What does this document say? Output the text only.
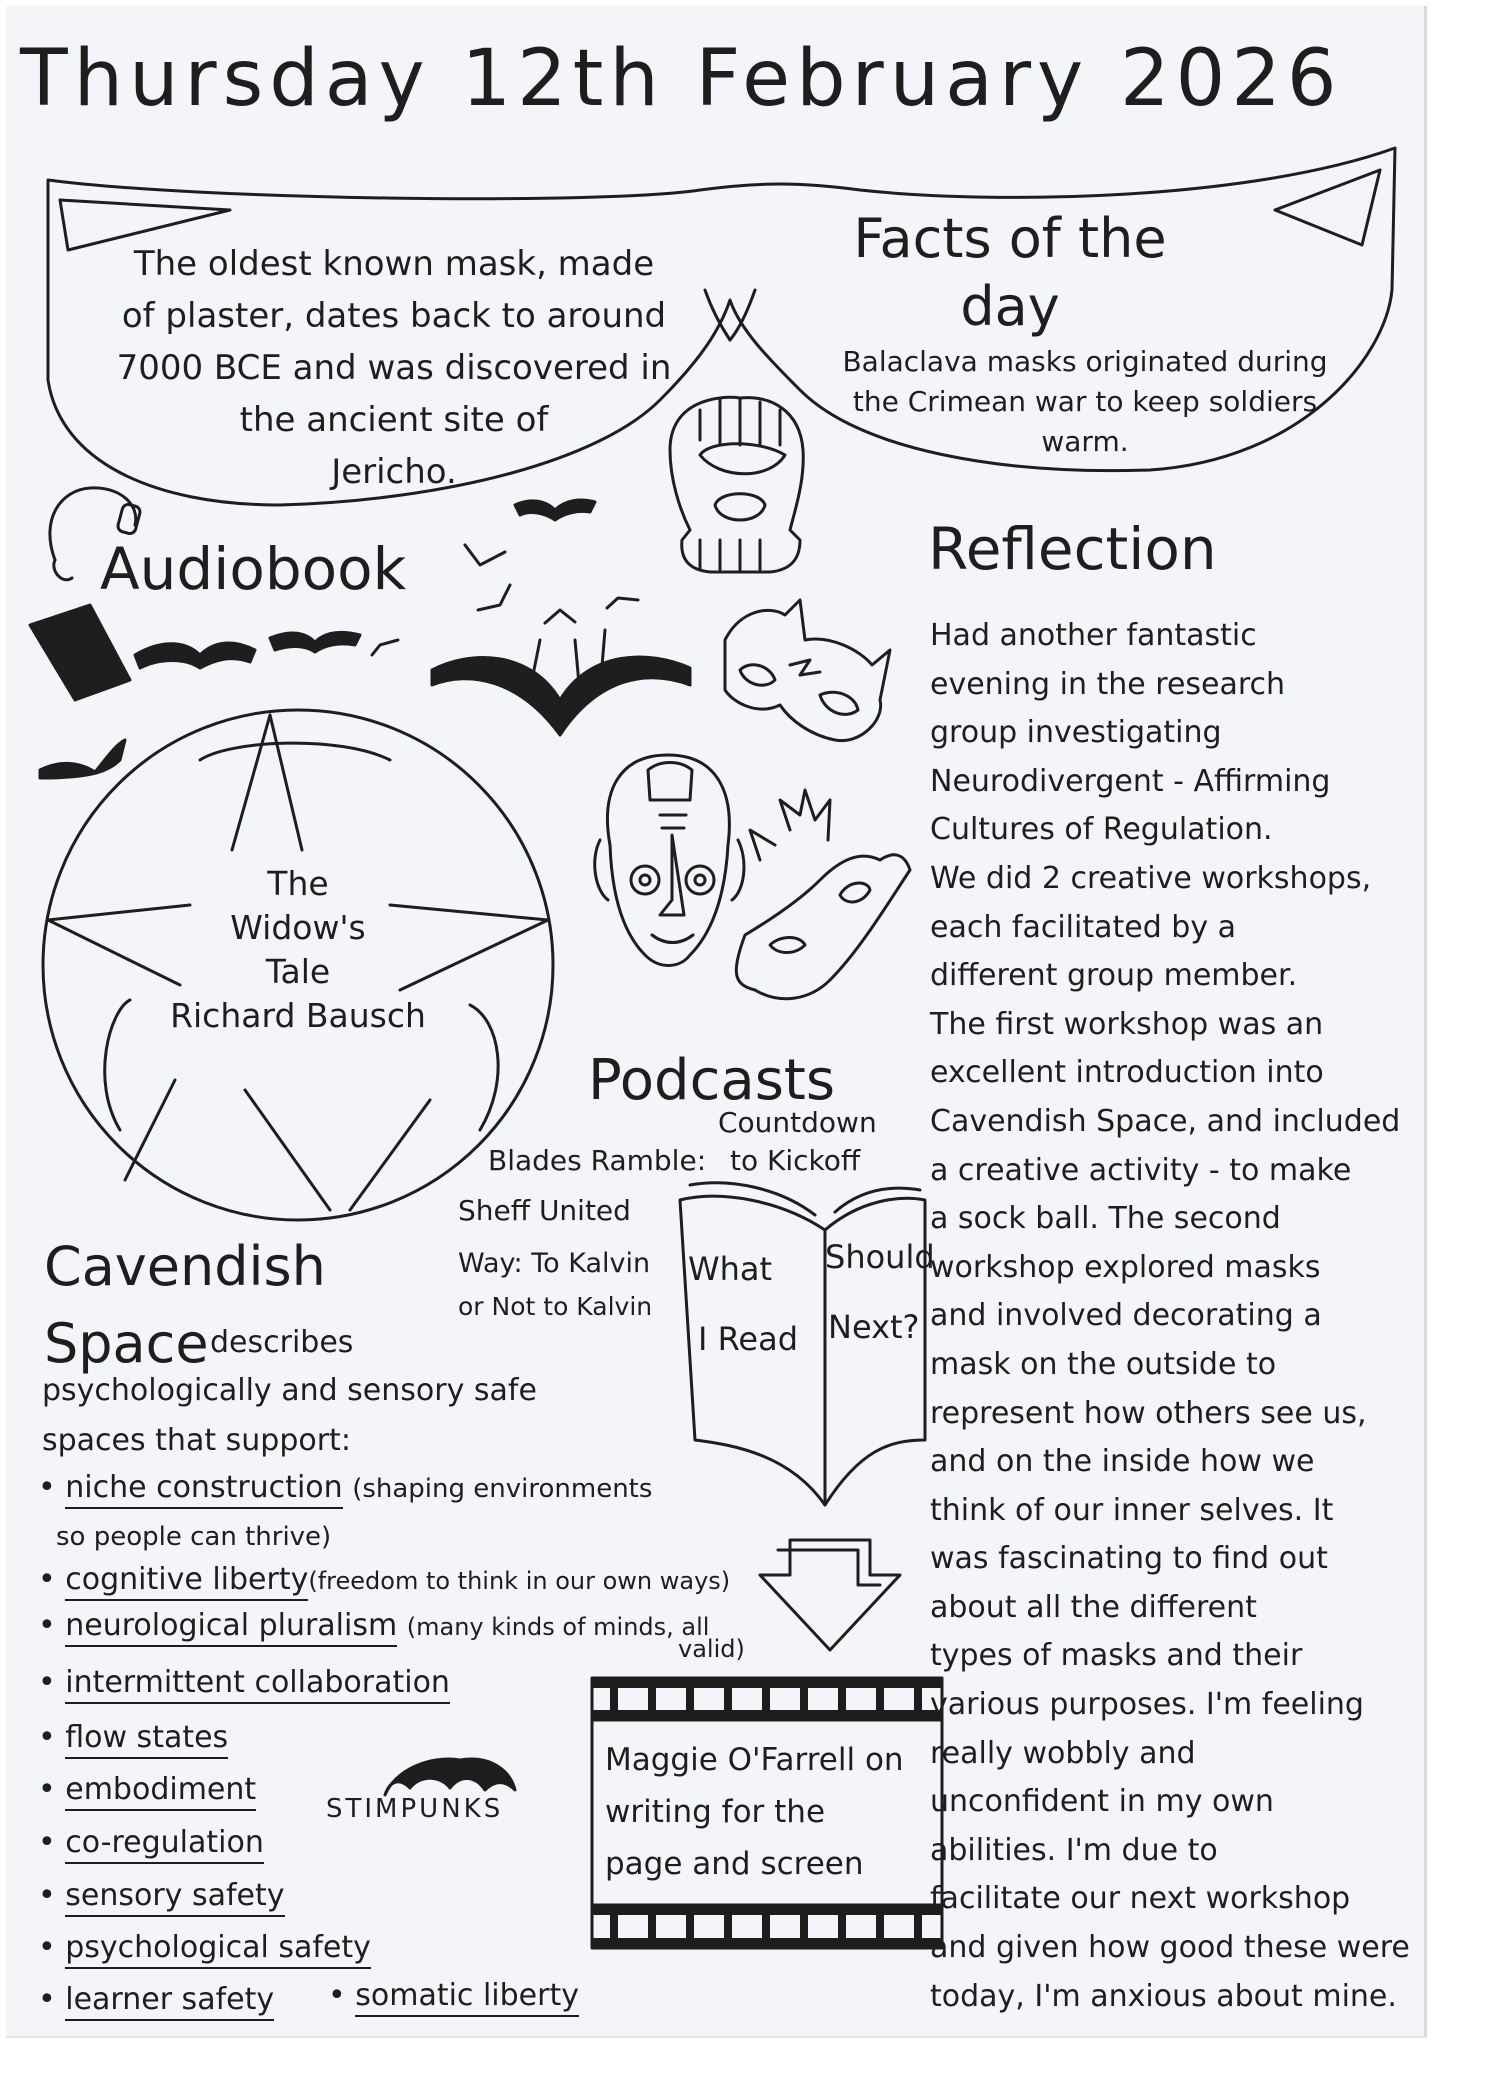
Thursday 12th February 2026
The oldest known mask, made
of plaster, dates back to around
7000 BCE and was discovered in
the ancient site of
Jericho.
Facts of the
day
Balaclava masks originated during
the Crimean war to keep soldiers
warm.
Audiobook
The
Widow's
Tale
Richard Bausch
Reflection
Had another fantastic
evening in the research
group investigating
Neurodivergent - Affirming
Cultures of Regulation.
We did 2 creative workshops,
each facilitated by a
different group member.
The first workshop was an
excellent introduction into
Cavendish Space, and included
a creative activity - to make
a sock ball. The second
workshop explored masks
and involved decorating a
mask on the outside to
represent how others see us,
and on the inside how we
think of our inner selves. It
was fascinating to find out
about all the different
types of masks and their
various purposes. I'm feeling
really wobbly and
unconfident in my own
abilities. I'm due to
facilitate our next workshop
and given how good these were
today, I'm anxious about mine.
Podcasts
Blades Ramble:
Countdown
to Kickoff
Sheff United
Way: To Kalvin
or Not to Kalvin
What
I Read
Should
Next?
Maggie O'Farrell on
writing for the
page and screen
Cavendish
Space describes
psychologically and sensory safe
spaces that support:
• niche construction (shaping environments
so people can thrive)
• cognitive liberty(freedom to think in our own ways)
• neurological pluralism (many kinds of minds, all
valid)
• intermittent collaboration
• flow states
• embodiment
• co-regulation
• sensory safety
• psychological safety
• learner safety • somatic liberty
STIMPUNKS
